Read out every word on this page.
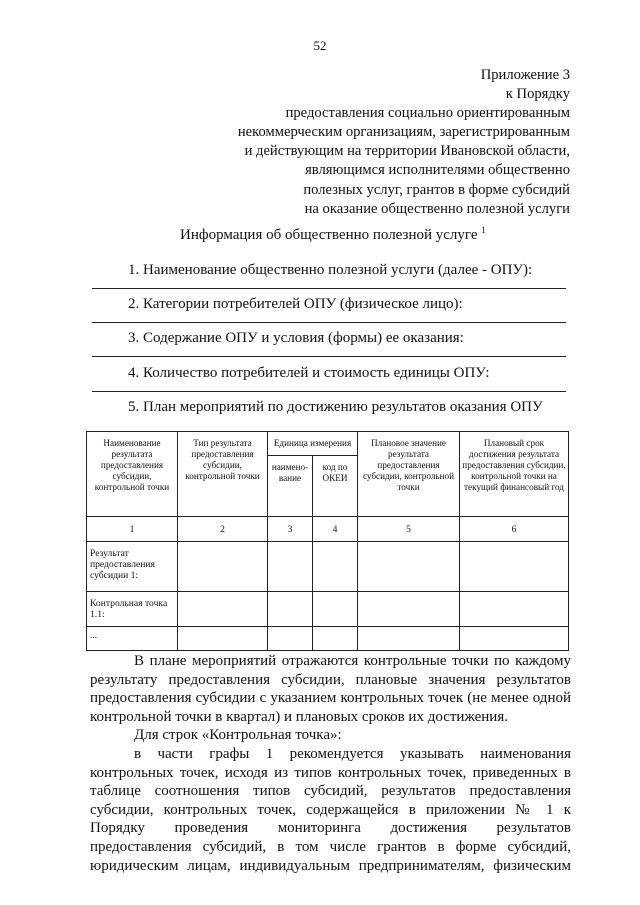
52
Приложение 3
к Порядку
предоставления социально ориентированным
некоммерческим организациям, зарегистрированным
и действующим на территории Ивановской области,
являющимся исполнителями общественно
полезных услуг, грантов в форме субсидий
на оказание общественно полезной услуги
Информация об общественно полезной услуге $^1$
1. Наименование общественно полезной услуги (далее - ОПУ):
2. Категории потребителей ОПУ (физическое лицо):
3. Содержание ОПУ и условия (формы) ее оказания:
4. Количество потребителей и стоимость единицы ОПУ:
5. План мероприятий по достижению результатов оказания ОПУ
Наименование результата предоставления субсидии, контрольной точки	Тип результата предоставления субсидии, контрольной точки	Единица измерения		Плановое значение результата предоставления субсидии, контрольной точки	Плановый срок достижения результата предоставления субсидии, контрольной точки на текущий финансовый год
		наимено-вание	код по ОКЕИ		
1	2	3	4	5	6
Результат предоставления субсидии 1:					
Контрольная точка 1.1:					
...					

В плане мероприятий отражаются контрольные точки по каждому результату предоставления субсидии, плановые значения результатов предоставления субсидии с указанием контрольных точек (не менее одной контрольной точки в квартал) и плановых сроков их достижения.

Для строк «Контрольная точка»:

в части графы 1 рекомендуется указывать наименования контрольных точек, исходя из типов контрольных точек, приведенных в таблице соотношения типов субсидий, результатов предоставления субсидии, контрольных точек, содержащейся в приложении № 1 к Порядку проведения мониторинга достижения результатов предоставления субсидий, в том числе грантов в форме субсидий, юридическим лицам, индивидуальным предпринимателям, физическим
